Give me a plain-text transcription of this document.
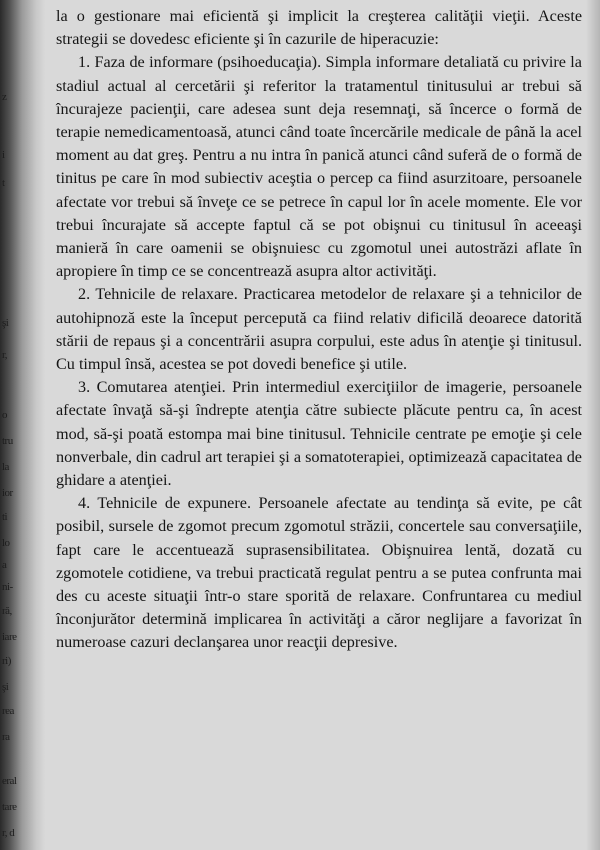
z
i
t
şi
r,
o
tru
la
ior
ti
lo
a
ni-
ră,
iare
ri)
şi
rea
ra
eral
tare
r, d

la o gestionare mai eficientă şi implicit la creşterea calităţii vieţii. Aceste strategii se dovedesc eficiente şi în cazurile de hiperacuzie:

1. Faza de informare (psihoeducaţia). Simpla informare detaliată cu privire la stadiul actual al cercetării şi referitor la tratamentul tinitusului ar trebui să încurajeze pacienţii, care adesea sunt deja resemnaţi, să încerce o formă de terapie nemedicamentoasă, atunci când toate încercările medicale de până la acel moment au dat greş. Pentru a nu intra în panică atunci când suferă de o formă de tinitus pe care în mod subiectiv aceştia o percep ca fiind asurzitoare, persoanele afectate vor trebui să înveţe ce se petrece în capul lor în acele momente. Ele vor trebui încurajate să accepte faptul că se pot obişnui cu tinitusul în aceeaşi manieră în care oamenii se obişnuiesc cu zgomotul unei autostrăzi aflate în apropiere în timp ce se concentrează asupra altor activităţi.

2. Tehnicile de relaxare. Practicarea metodelor de relaxare şi a tehnicilor de autohipnoză este la început percepută ca fiind relativ dificilă deoarece datorită stării de repaus şi a concentrării asupra corpului, este adus în atenţie şi tinitusul. Cu timpul însă, acestea se pot dovedi benefice şi utile.

3. Comutarea atenţiei. Prin intermediul exerciţiilor de imagerie, persoanele afectate învaţă să-şi îndrepte atenţia către subiecte plăcute pentru ca, în acest mod, să-şi poată estompa mai bine tinitusul. Tehnicile centrate pe emoţie şi cele nonverbale, din cadrul art terapiei şi a somatoterapiei, optimizează capacitatea de ghidare a atenţiei.

4. Tehnicile de expunere. Persoanele afectate au tendinţa să evite, pe cât posibil, sursele de zgomot precum zgomotul străzii, concertele sau conversaţiile, fapt care le accentuează suprasensibilitatea. Obişnuirea lentă, dozată cu zgomotele cotidiene, va trebui practicată regulat pentru a se putea confrunta mai des cu aceste situaţii într-o stare sporită de relaxare. Confruntarea cu mediul înconjurător determină implicarea în activităţi a căror neglijare a favorizat în numeroase cazuri declanşarea unor reacţii depresive.
